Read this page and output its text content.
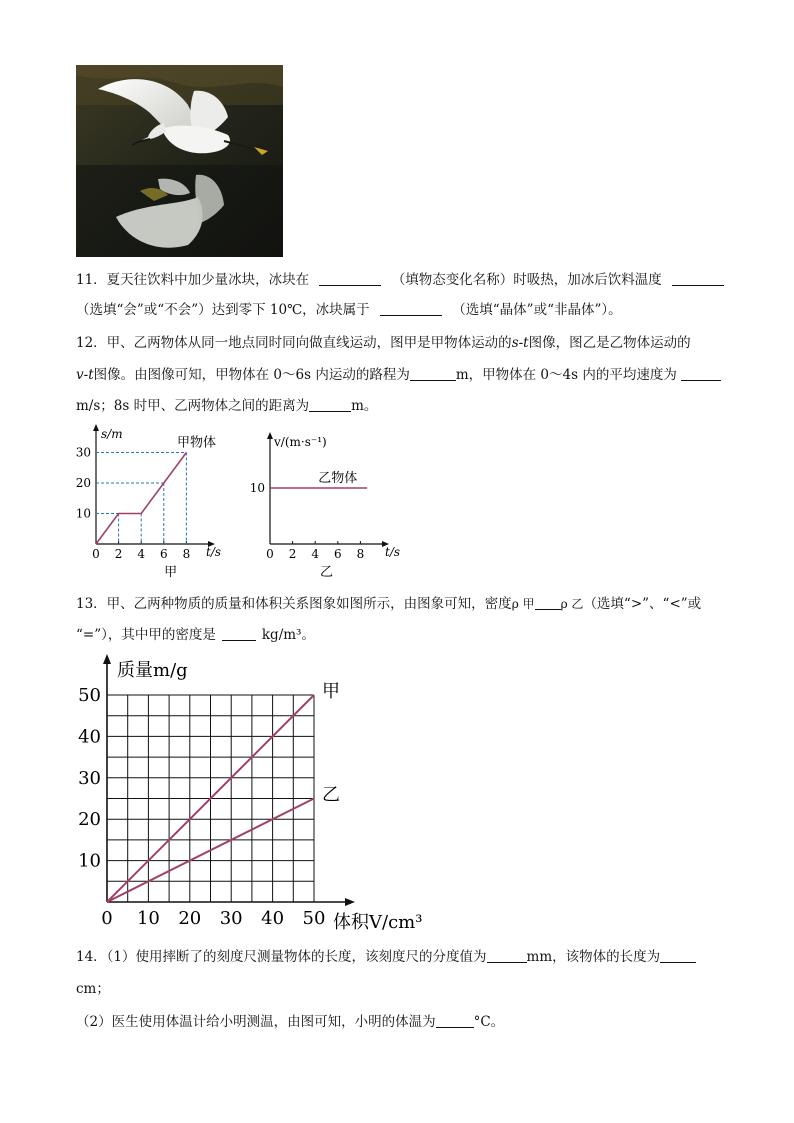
11．夏天往饮料中加少量冰块，冰块在	（填物态变化名称）时吸热，加冰后饮料温度
（选填“会”或“不会”）达到零下 10℃，冰块属于	（选填“晶体”或“非晶体”）。
12．甲、乙两物体从同一地点同时同向做直线运动，图甲是甲物体运动的s-t图像，图乙是乙物体运动的
v-t图像。由图像可知，甲物体在 0～6s 内运动的路程为	m，甲物体在 0～4s 内的平均速度为
m/s；8s 时甲、乙两物体之间的距离为	m。
0 2 4 6 8
10
20
30
s/m
t/s
甲物体
甲
0 2 4 6 8
10
v/(m·s⁻¹)
t/s
乙物体
乙
13．甲、乙两种物质的质量和体积关系图象如图所示，由图象可知，密度ρ 甲 ρ 乙（选填“>”、“<”或
“=”），其中甲的密度是	kg/m³。
0 10 20 30 40 50
10
20
30
40
50
质量m/g
体积V/cm³
甲
乙
14．（1）使用摔断了的刻度尺测量物体的长度，该刻度尺的分度值为	mm，该物体的长度为
cm；
（2）医生使用体温计给小明测温，由图可知，小明的体温为	°C。
